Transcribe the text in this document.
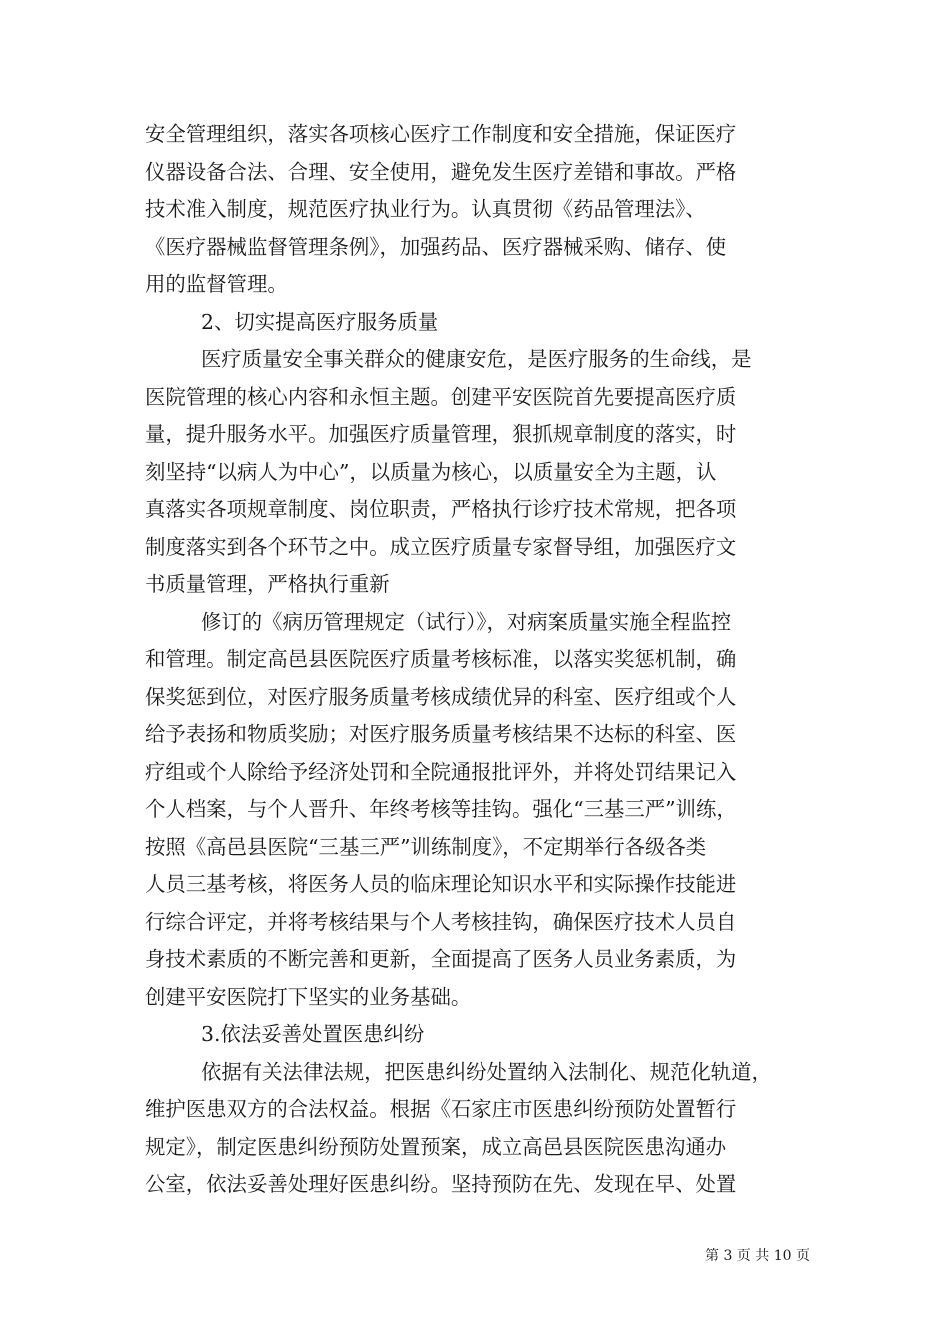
安全管理组织，落实各项核心医疗工作制度和安全措施，保证医疗
仪器设备合法、合理、安全使用，避免发生医疗差错和事故。严格
技术准入制度，规范医疗执业行为。认真贯彻《药品管理法》、
《医疗器械监督管理条例》，加强药品、医疗器械采购、储存、使
用的监督管理。
2、切实提高医疗服务质量
医疗质量安全事关群众的健康安危，是医疗服务的生命线，是
医院管理的核心内容和永恒主题。创建平安医院首先要提高医疗质
量，提升服务水平。加强医疗质量管理，狠抓规章制度的落实，时
刻坚持“以病人为中心”，以质量为核心，以质量安全为主题，认
真落实各项规章制度、岗位职责，严格执行诊疗技术常规，把各项
制度落实到各个环节之中。成立医疗质量专家督导组，加强医疗文
书质量管理，严格执行重新
修订的《病历管理规定（试行）》，对病案质量实施全程监控
和管理。制定高邑县医院医疗质量考核标准，以落实奖惩机制，确
保奖惩到位，对医疗服务质量考核成绩优异的科室、医疗组或个人
给予表扬和物质奖励；对医疗服务质量考核结果不达标的科室、医
疗组或个人除给予经济处罚和全院通报批评外，并将处罚结果记入
个人档案，与个人晋升、年终考核等挂钩。强化“三基三严”训练，
按照《高邑县医院“三基三严”训练制度》，不定期举行各级各类
人员三基考核，将医务人员的临床理论知识水平和实际操作技能进
行综合评定，并将考核结果与个人考核挂钩，确保医疗技术人员自
身技术素质的不断完善和更新，全面提高了医务人员业务素质，为
创建平安医院打下坚实的业务基础。
3.依法妥善处置医患纠纷
依据有关法律法规，把医患纠纷处置纳入法制化、规范化轨道，
维护医患双方的合法权益。根据《石家庄市医患纠纷预防处置暂行
规定》，制定医患纠纷预防处置预案，成立高邑县医院医患沟通办
公室，依法妥善处理好医患纠纷。坚持预防在先、发现在早、处置
第 3 页 共 10 页
